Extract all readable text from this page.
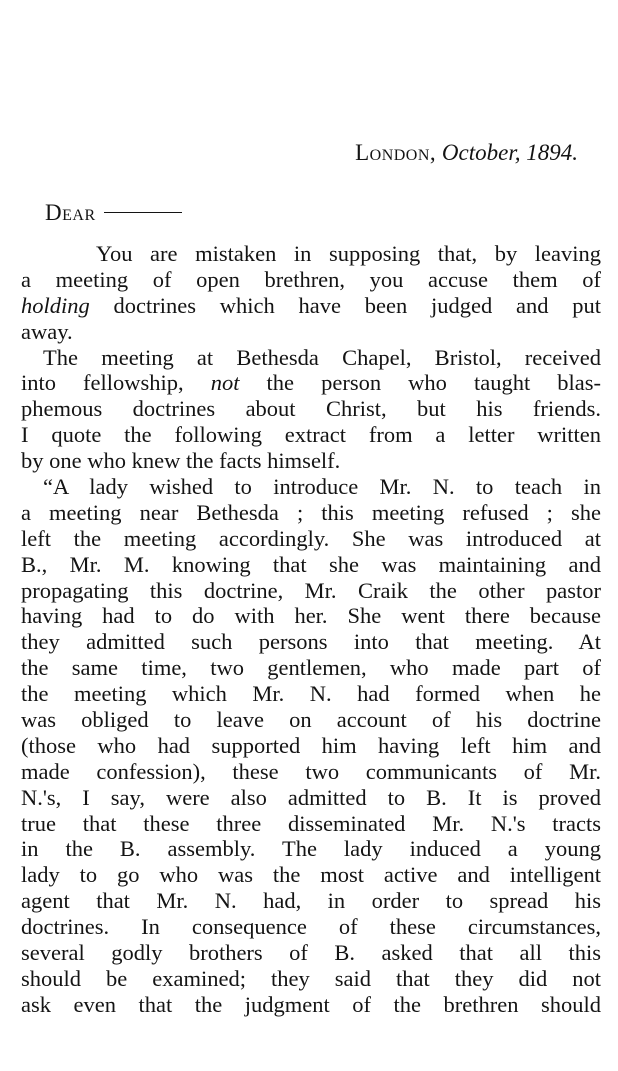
London, October, 1894.
Dear
You are mistaken in supposing that, by leaving
a meeting of open brethren, you accuse them of
holding doctrines which have been judged and put
away.
The meeting at Bethesda Chapel, Bristol, received
into fellowship, not the person who taught blas-
phemous doctrines about Christ, but his friends.
I quote the following extract from a letter written
by one who knew the facts himself.
“A lady wished to introduce Mr. N. to teach in
a meeting near Bethesda ; this meeting refused ; she
left the meeting accordingly. She was introduced at
B., Mr. M. knowing that she was maintaining and
propagating this doctrine, Mr. Craik the other pastor
having had to do with her. She went there because
they admitted such persons into that meeting. At
the same time, two gentlemen, who made part of
the meeting which Mr. N. had formed when he
was obliged to leave on account of his doctrine
(those who had supported him having left him and
made confession), these two communicants of Mr.
N.'s, I say, were also admitted to B. It is proved
true that these three disseminated Mr. N.'s tracts
in the B. assembly. The lady induced a young
lady to go who was the most active and intelligent
agent that Mr. N. had, in order to spread his
doctrines. In consequence of these circumstances,
several godly brothers of B. asked that all this
should be examined; they said that they did not
ask even that the judgment of the brethren should
